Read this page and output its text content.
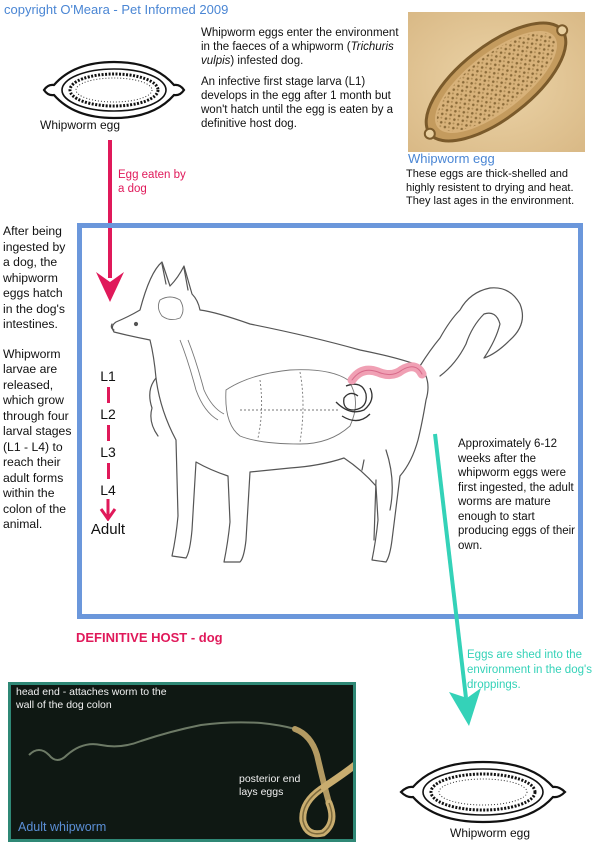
copyright O'Meara - Pet Informed 2009
Whipworm egg

Whipworm eggs enter the environment in the faeces of a whipworm (Trichuris vulpis) infested dog.

An infective first stage larva (L1) develops in the egg after 1 month but won't hatch until the egg is eaten by a definitive host dog.

Whipworm egg
These eggs are thick-shelled and highly resistent to drying and heat. They last ages in the environment.
Egg eaten by a dog

After being ingested by a dog, the whipworm eggs hatch in the dog's intestines.

Whipworm larvae are released, which grow through four larval stages (L1 - L4) to reach their adult forms within the colon of the animal.

L1
L2
L3
L4
Adult
Approximately 6-12 weeks after the whipworm eggs were first ingested, the adult worms are mature enough to start producing eggs of their own.
DEFINITIVE HOST - dog
Eggs are shed into the environment in the dog's droppings.
Whipworm egg
head end - attaches worm to the wall of the dog colon
posterior end lays eggs
Adult whipworm
